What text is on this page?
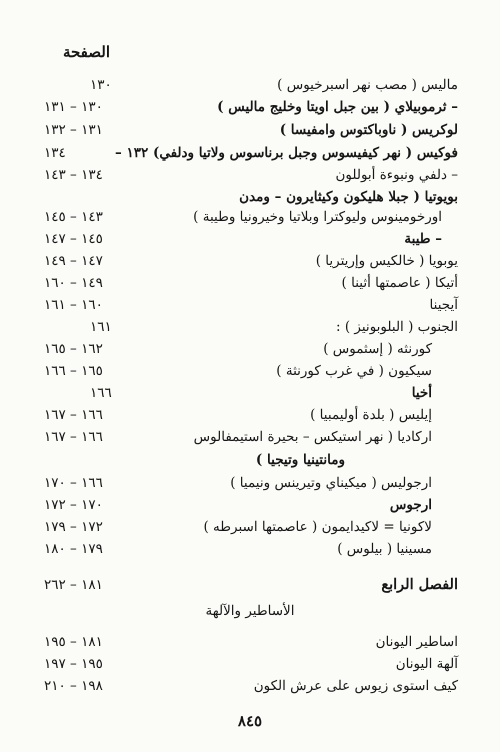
الصفحة
ماليس ( مصب نهر اسبرخيوس )
١٣٠
– ثرموبيلاي ( بين جبل اويتا وخليج ماليس )
١٣٠ – ١٣١
لوكريس ( ناوباكتوس وامفيسا )
١٣١ – ١٣٢
فوكيس ( نهر كيفيسوس وجبل برناسوس ولاتيا ودلفي) ١٣٢ –
١٣٤
– دلفي ونبوءة أبوللون
١٣٤ – ١٤٣
بويوتيا ( جبلا هليكون وكيثايرون – ومدن
اورخومينوس وليوكترا وبلاتيا وخيرونيا وطيبة )
١٤٣ – ١٤٥
– طيبة
١٤٥ – ١٤٧
يوبويا ( خالكيس وإريتريا )
١٤٧ – ١٤٩
أتيكا ( عاصمتها أثينا )
١٤٩ – ١٦٠
آيجينا
١٦٠ – ١٦١
الجنوب ( البلوبونيز ) :
١٦١
كورنثه ( إسثموس )
١٦٢ – ١٦٥
سيكيون ( في غرب كورنثة )
١٦٥ – ١٦٦
أخيا
١٦٦
إيليس ( بلدة أوليمبيا )
١٦٦ – ١٦٧
اركاديا ( نهر استيكس – بحيرة استيمفالوس
١٦٦ – ١٦٧
ومانتينيا وتيجيا )
ارجوليس ( ميكيناي وتيرينس ونيميا )
١٦٦ – ١٧٠
ارجوس
١٧٠ – ١٧٢
لاكونيا = لاكيدايمون ( عاصمتها اسبرطه )
١٧٢ – ١٧٩
مسينيا ( بيلوس )
١٧٩ – ١٨٠
الفصل الرابع
١٨١ – ٢٦٢
الأساطير والآلهة
اساطير اليونان
١٨١ – ١٩٥
آلهة اليونان
١٩٥ – ١٩٧
كيف استوى زيوس على عرش الكون
١٩٨ – ٢١٠
٨٤٥
